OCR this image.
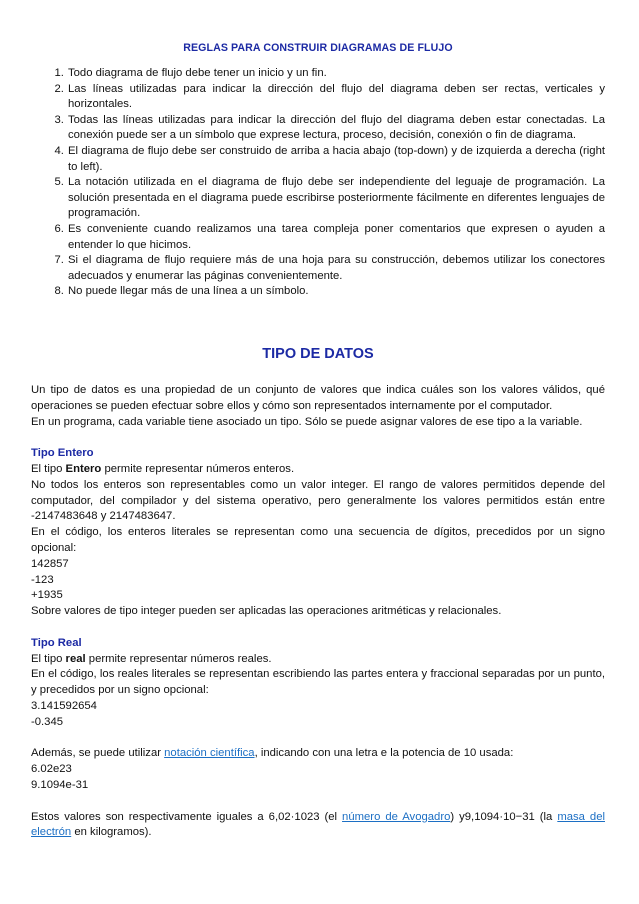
REGLAS PARA CONSTRUIR DIAGRAMAS DE FLUJO
1. Todo diagrama de flujo debe tener un inicio y un fin.
2. Las líneas utilizadas para indicar la dirección del flujo del diagrama deben ser rectas, verticales y horizontales.
3. Todas las líneas utilizadas para indicar la dirección del flujo del diagrama deben estar conectadas. La conexión puede ser a un símbolo que exprese lectura, proceso, decisión, conexión o fin de diagrama.
4. El diagrama de flujo debe ser construido de arriba a hacia abajo (top-down) y de izquierda a derecha (right to left).
5. La notación utilizada en el diagrama de flujo debe ser independiente del leguaje de programación. La solución presentada en el diagrama puede escribirse posteriormente fácilmente en diferentes lenguajes de programación.
6. Es conveniente cuando realizamos una tarea compleja poner comentarios que expresen o ayuden a entender lo que hicimos.
7. Si el diagrama de flujo requiere más de una hoja para su construcción, debemos utilizar los conectores adecuados y enumerar las páginas convenientemente.
8. No puede llegar más de una línea a un símbolo.
TIPO DE DATOS

Un tipo de datos es una propiedad de un conjunto de valores que indica cuáles son los valores válidos, qué operaciones se pueden efectuar sobre ellos y cómo son representados internamente por el computador.

En un programa, cada variable tiene asociado un tipo. Sólo se puede asignar valores de ese tipo a la variable.

Tipo Entero

El tipo Entero permite representar números enteros.

No todos los enteros son representables como un valor integer. El rango de valores permitidos depende del computador, del compilador y del sistema operativo, pero generalmente los valores permitidos están entre -2147483648 y 2147483647.

En el código, los enteros literales se representan como una secuencia de dígitos, precedidos por un signo opcional:

142857

-123

+1935

Sobre valores de tipo integer pueden ser aplicadas las operaciones aritméticas y relacionales.

Tipo Real

El tipo real permite representar números reales.

En el código, los reales literales se representan escribiendo las partes entera y fraccional separadas por un punto, y precedidos por un signo opcional:

3.141592654

-0.345

Además, se puede utilizar notación científica, indicando con una letra e la potencia de 10 usada:

6.02e23

9.1094e-31

Estos valores son respectivamente iguales a 6,02·1023 (el número de Avogadro) y9,1094·10−31 (la masa del electrón en kilogramos).
